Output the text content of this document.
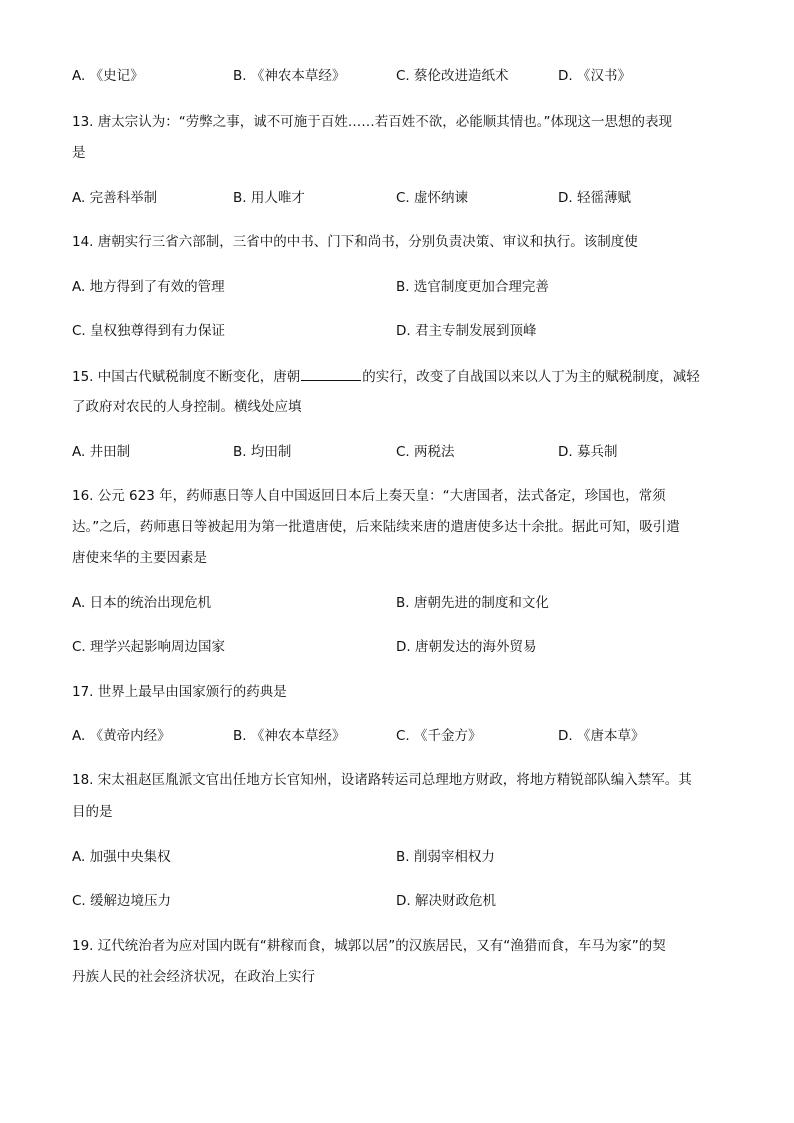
A. 《史记》	B. 《神农本草经》	C. 蔡伦改进造纸术	D. 《汉书》
13. 唐太宗认为：“劳弊之事，诚不可施于百姓……若百姓不欲，必能顺其情也。”体现这一思想的表现
是
A. 完善科举制	B. 用人唯才	C. 虚怀纳谏	D. 轻徭薄赋
14. 唐朝实行三省六部制，三省中的中书、门下和尚书，分别负责决策、审议和执行。该制度使
A. 地方得到了有效的管理	B. 选官制度更加合理完善
C. 皇权独尊得到有力保证	D. 君主专制发展到顶峰
15. 中国古代赋税制度不断变化，唐朝	的实行，改变了自战国以来以人丁为主的赋税制度，减轻
了政府对农民的人身控制。横线处应填
A. 井田制	B. 均田制	C. 两税法	D. 募兵制
16. 公元 623 年，药师惠日等人自中国返回日本后上奏天皇：“大唐国者，法式备定，珍国也，常须
达。”之后，药师惠日等被起用为第一批遣唐使，后来陆续来唐的遣唐使多达十余批。据此可知，吸引遣
唐使来华的主要因素是
A. 日本的统治出现危机	B. 唐朝先进的制度和文化
C. 理学兴起影响周边国家	D. 唐朝发达的海外贸易
17. 世界上最早由国家颁行的药典是
A. 《黄帝内经》	B. 《神农本草经》	C. 《千金方》	D. 《唐本草》
18. 宋太祖赵匡胤派文官出任地方长官知州，设诸路转运司总理地方财政，将地方精锐部队编入禁军。其
目的是
A. 加强中央集权	B. 削弱宰相权力
C. 缓解边境压力	D. 解决财政危机
19. 辽代统治者为应对国内既有“耕稼而食，城郭以居”的汉族居民，又有“渔猎而食，车马为家”的契
丹族人民的社会经济状况，在政治上实行
